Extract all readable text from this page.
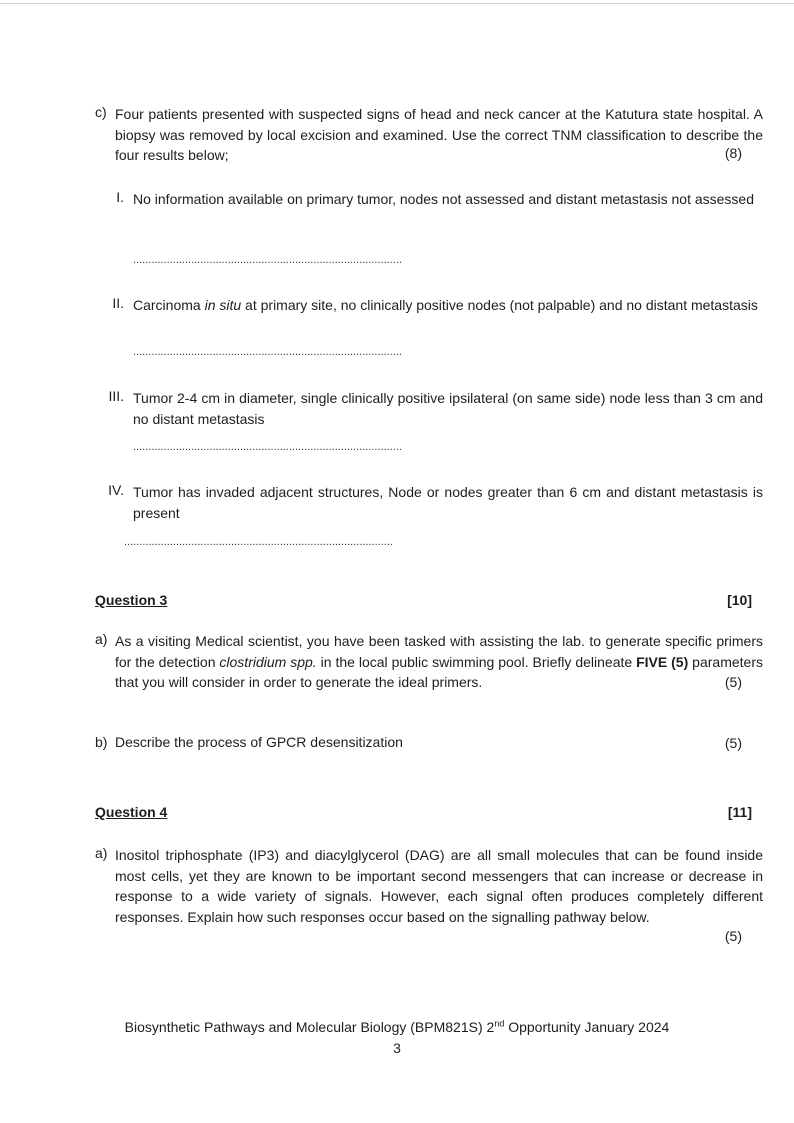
c) Four patients presented with suspected signs of head and neck cancer at the Katutura state hospital. A biopsy was removed by local excision and examined. Use the correct TNM classification to describe the four results below;	(8)
I. No information available on primary tumor, nodes not assessed and distant metastasis not assessed
........................................................................................
II. Carcinoma in situ at primary site, no clinically positive nodes (not palpable) and no distant metastasis
........................................................................................
III. Tumor 2-4 cm in diameter, single clinically positive ipsilateral (on same side) node less than 3 cm and no distant metastasis
........................................................................................
IV. Tumor has invaded adjacent structures, Node or nodes greater than 6 cm and distant metastasis is present
........................................................................................
Question 3	[10]
a) As a visiting Medical scientist, you have been tasked with assisting the lab. to generate specific primers for the detection clostridium spp. in the local public swimming pool. Briefly delineate FIVE (5) parameters that you will consider in order to generate the ideal primers.	(5)
b) Describe the process of GPCR desensitization	(5)
Question 4	[11]
a) Inositol triphosphate (IP3) and diacylglycerol (DAG) are all small molecules that can be found inside most cells, yet they are known to be important second messengers that can increase or decrease in response to a wide variety of signals. However, each signal often produces completely different responses. Explain how such responses occur based on the signalling pathway below.
(5)
Biosynthetic Pathways and Molecular Biology (BPM821S) 2nd Opportunity January 2024
3
